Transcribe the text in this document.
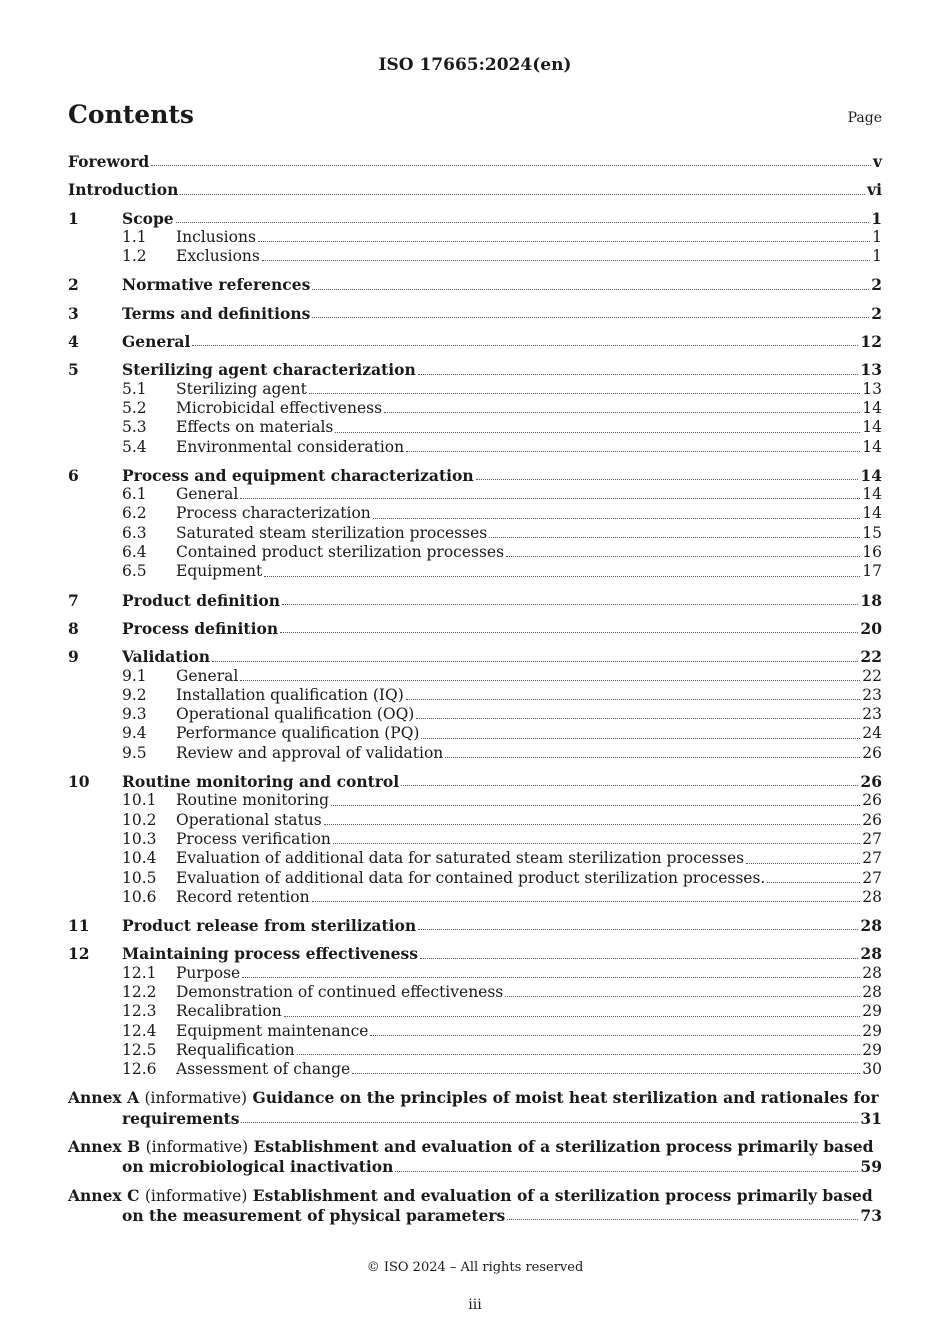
ISO 17665:2024(en)
Contents	Page
Foreword	v
Introduction	vi
1	Scope	1
1.1	Inclusions	1
1.2	Exclusions	1
2	Normative references	2
3	Terms and definitions	2
4	General	12
5	Sterilizing agent characterization	13
5.1	Sterilizing agent	13
5.2	Microbicidal effectiveness	14
5.3	Effects on materials	14
5.4	Environmental consideration	14
6	Process and equipment characterization	14
6.1	General	14
6.2	Process characterization	14
6.3	Saturated steam sterilization processes	15
6.4	Contained product sterilization processes	16
6.5	Equipment	17
7	Product definition	18
8	Process definition	20
9	Validation	22
9.1	General	22
9.2	Installation qualification (IQ)	23
9.3	Operational qualification (OQ)	23
9.4	Performance qualification (PQ)	24
9.5	Review and approval of validation	26
10	Routine monitoring and control	26
10.1	Routine monitoring	26
10.2	Operational status	26
10.3	Process verification	27
10.4	Evaluation of additional data for saturated steam sterilization processes	27
10.5	Evaluation of additional data for contained product sterilization processes.	27
10.6	Record retention	28
11	Product release from sterilization	28
12	Maintaining process effectiveness	28
12.1	Purpose	28
12.2	Demonstration of continued effectiveness	28
12.3	Recalibration	29
12.4	Equipment maintenance	29
12.5	Requalification	29
12.6	Assessment of change	30
Annex A (informative) Guidance on the principles of moist heat sterilization and rationales for
requirements	31
Annex B (informative) Establishment and evaluation of a sterilization process primarily based
on microbiological inactivation	59
Annex C (informative) Establishment and evaluation of a sterilization process primarily based
on the measurement of physical parameters	73
© ISO 2024 – All rights reserved
iii
